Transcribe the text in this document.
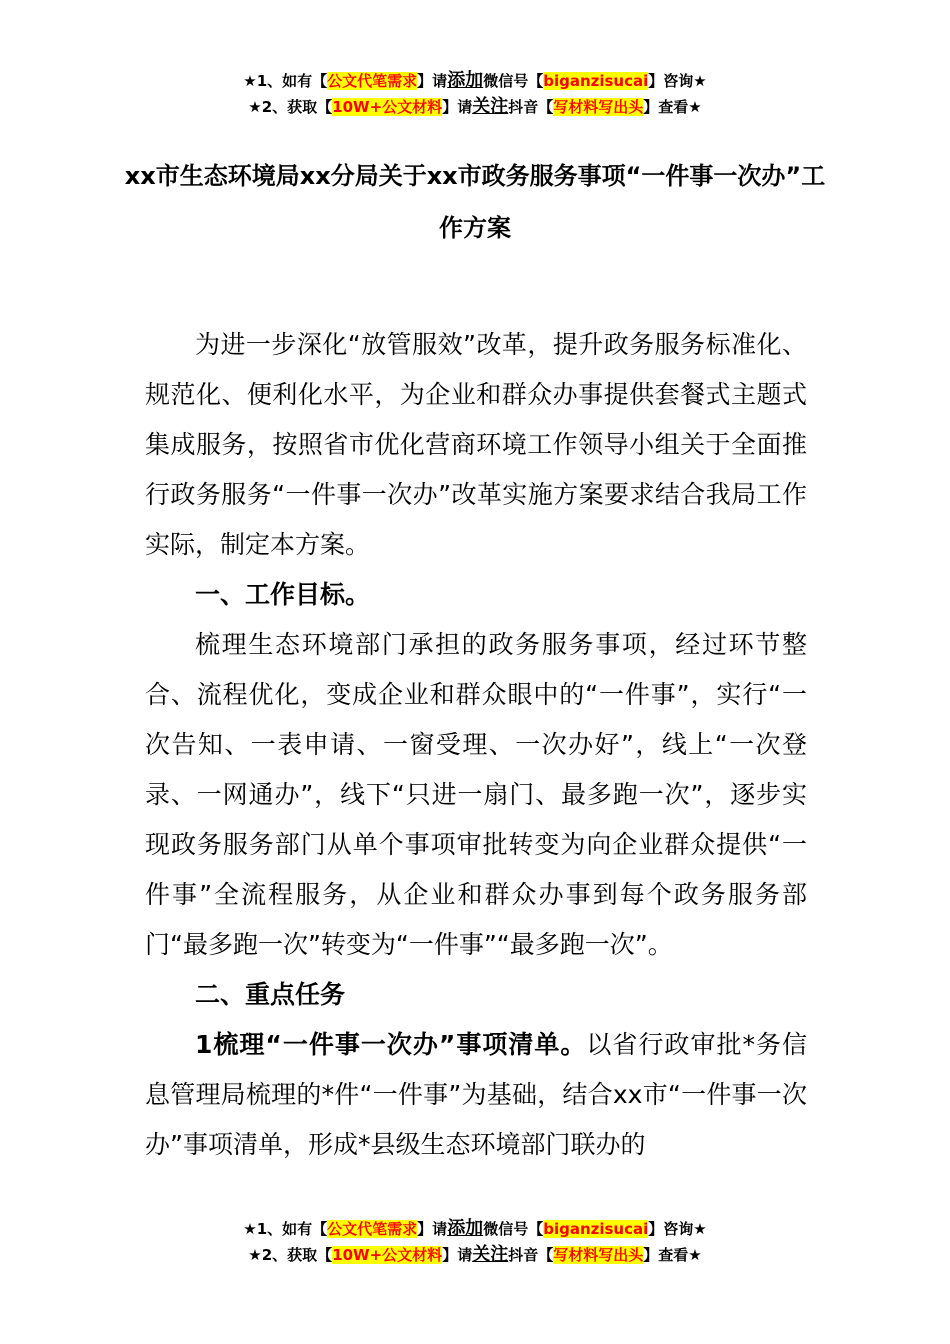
★1、如有【公文代笔需求】请添加微信号【biganzisucai】咨询★
★2、获取【10W+公文材料】请关注抖音【写材料写出头】查看★
xx市生态环境局xx分局关于xx市政务服务事项“一件事一次办”工作方案

为进一步深化“放管服效”改革，提升政务服务标准化、规范化、便利化水平，为企业和群众办事提供套餐式主题式集成服务，按照省市优化营商环境工作领导小组关于全面推行政务服务“一件事一次办”改革实施方案要求结合我局工作实际，制定本方案。

一、工作目标。

梳理生态环境部门承担的政务服务事项，经过环节整合、流程优化，变成企业和群众眼中的“一件事”，实行“一次告知、一表申请、一窗受理、一次办好”，线上“一次登录、一网通办”，线下“只进一扇门、最多跑一次”，逐步实现政务服务部门从单个事项审批转变为向企业群众提供“一件事”全流程服务，从企业和群众办事到每个政务服务部门“最多跑一次”转变为“一件事”“最多跑一次”。

二、重点任务

1梳理“一件事一次办”事项清单。以省行政审批*务信息管理局梳理的*件“一件事”为基础，结合xx市“一件事一次办”事项清单，形成*县级生态环境部门联办的

★1、如有【公文代笔需求】请添加微信号【biganzisucai】咨询★
★2、获取【10W+公文材料】请关注抖音【写材料写出头】查看★
